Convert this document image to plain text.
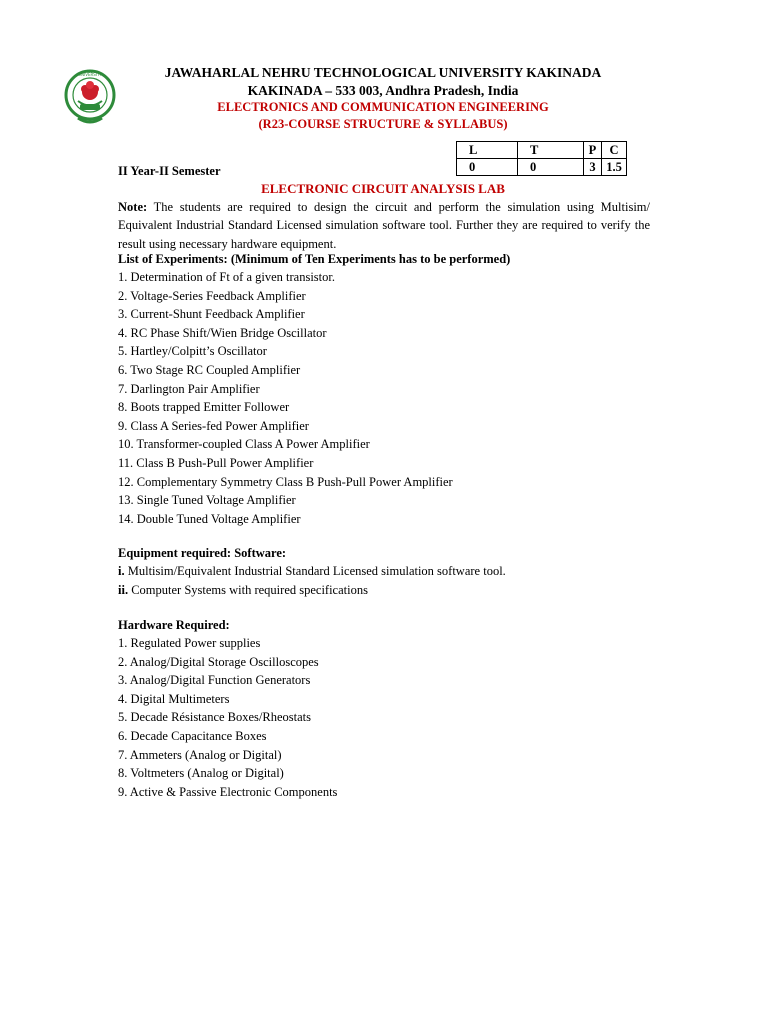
UNIVERSITY	JAWAHARLAL NEHRU TECHNOLOGICAL UNIVERSITY KAKINADA
KAKINADA – 533 003, Andhra Pradesh, India
ELECTRONICS AND COMMUNICATION ENGINEERING
(R23-COURSE STRUCTURE & SYLLABUS)
II Year-II Semester
L	T	P	C
0	0	3	1.5
ELECTRONIC CIRCUIT ANALYSIS LAB
Note: The students are required to design the circuit and perform the simulation using Multisim/ Equivalent Industrial Standard Licensed simulation software tool. Further they are required to verify the result using necessary hardware equipment.
List of Experiments: (Minimum of Ten Experiments has to be performed)
1. Determination of Ft of a given transistor.
2. Voltage-Series Feedback Amplifier
3. Current-Shunt Feedback Amplifier
4. RC Phase Shift/Wien Bridge Oscillator
5. Hartley/Colpitt’s Oscillator
6. Two Stage RC Coupled Amplifier
7. Darlington Pair Amplifier
8. Boots trapped Emitter Follower
9. Class A Series-fed Power Amplifier
10. Transformer-coupled Class A Power Amplifier
11. Class B Push-Pull Power Amplifier
12. Complementary Symmetry Class B Push-Pull Power Amplifier
13. Single Tuned Voltage Amplifier
14. Double Tuned Voltage Amplifier
Equipment required: Software:
i. Multisim/Equivalent Industrial Standard Licensed simulation software tool.
ii. Computer Systems with required specifications
Hardware Required:
1. Regulated Power supplies
2. Analog/Digital Storage Oscilloscopes
3. Analog/Digital Function Generators
4. Digital Multimeters
5. Decade Résistance Boxes/Rheostats
6. Decade Capacitance Boxes
7. Ammeters (Analog or Digital)
8. Voltmeters (Analog or Digital)
9. Active & Passive Electronic Components
